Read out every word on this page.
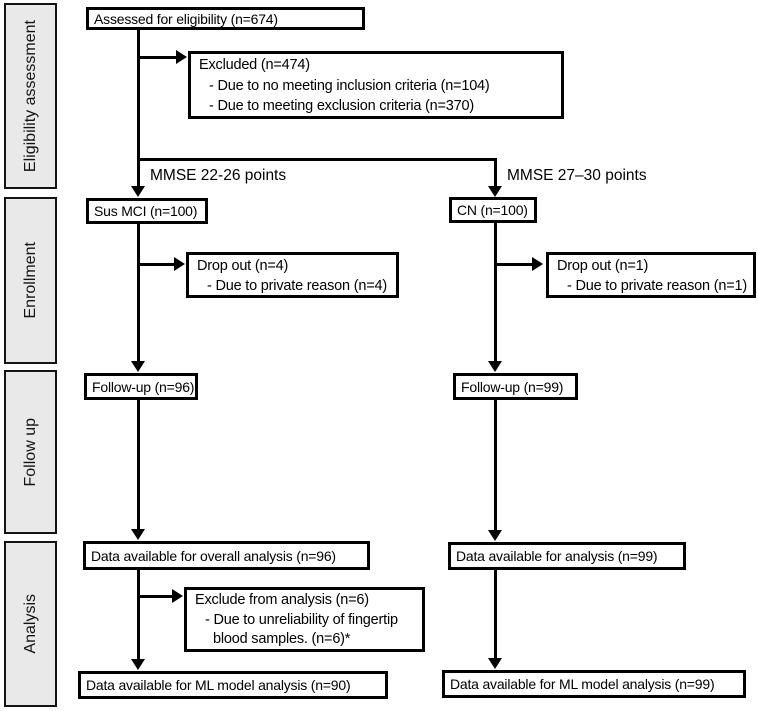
Eligibility assessment
Enrollment
Follow up
Analysis
Assessed for eligibility (n=674)
Excluded (n=474)
- Due to no meeting inclusion criteria (n=104)
- Due to meeting exclusion criteria (n=370)
MMSE 22-26 points	MMSE 27–30 points
Sus MCI (n=100)	CN (n=100)
Drop out (n=4)
- Due to private reason (n=4)
Drop out (n=1)
- Due to private reason (n=1)
Follow-up (n=96)	Follow-up (n=99)
Data available for overall analysis (n=96)	Data available for analysis (n=99)
Exclude from analysis (n=6)
- Due to unreliability of fingertip
blood samples. (n=6)*
Data available for ML model analysis (n=90)	Data available for ML model analysis (n=99)
